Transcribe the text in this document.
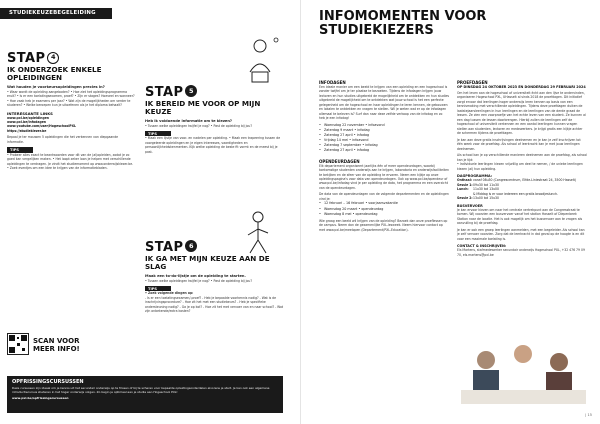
STUDIEKEUZEBEGELEIDING
STAP 4
IK ONDERZOEK ENKELE OPLEIDINGEN
Wat houden je voorkeursopleidingen precies in?
• Waar wordt de opleiding aangeboden? • Hoe ziet het opleidingsprogramma eruit? • Is er een toelatingsexamen, proef? • Zijn er stages? Hoeveel en wanneer? • Hoe vaak heb je examens per jaar? • Wat zijn de mogelijkheden om verder te studeren? • Welke beroepen kun je uitoefenen als je het diploma behaalt?
INTERESSANTE LINKS
www.pxl.be/opleidingen
www.pxl.be/infodagen
www.youtube.com/user/HogeschoolPXL
https://studiekiezer.be
Bepaal je ter mouwen 5 opleidingen die het verkennen van diepgaande informatie.
TIPS
• Probeer alles exact te beantwoorden voor dit van de (al)opleiden, zodat je zo goed kan vergelijken maken. • Het loopt zeker loon je helpen met verschillende opleidingen te verdragen. Je vindt het studiemoment op www.onderwijskiezer.be. • Zoek eventjes om een idee te krijgen van de informatiebladen.
STAP 5
IK BEREID ME VOOR OP MIJN KEUZE
Heb ik voldoende informatie om te kiezen?
• Tussen welke opleidingen twijfel je nog? • Past de opleiding bij jou?
TIPS
• Maak een lijstje van voor- en nadelen per opleiding. • Maak een trapeering tussen de voorgeleerde opleidingen en je eigen interesses, vaardigheden en persoonlijkheidskenmerken. Kijk welke opleiding de beste fit vormt en de meest bij je past.
STAP 6
IK GA MET MIJN KEUZE AAN DE SLAG
Maak een to-do-lijstje om de opleiding te starten.
• Tussen welke opleidingen twijfel je nog? • Past de opleiding bij jou?
TIPS
• Zoek volgende dingen op:
- Is er een toelatingsexamen/-proef? - Heb je bepaalde voorkennis nodig? - Wat is de inschrijvingsprocedure? - Hoe zit het met een studiebeurs? - Heb je specifieke ondersteuning nodig? - Ga je op kot? - Hoe zit het met vervoer van en naar school? - Wat zijn onbekende/extra kosten?
SCAN VOOR MEER INFO!
OPFRISSINGSCURSUSSEN
Deze cursussen zijn ideaal om je kennis uit het secundair onderwijs op te frissen of bij te scheren voor bepaalde opleidingsonderdelen alvorens je start. Je kan ook een algemene introductiecursus studeren in het hoger onderwijs volgen. Zo begin je optimaal aan je studie aan Hogeschool PXL!
www.pxl.be/opfrissingscursussen
INFOMOMENTEN VOOR STUDIEKIEZERS
INFODAGEN
Een ideale manier om een beeld te krijgen van een opleiding en een hogeschool is zonder twijfel om je ter plaatse te bezoeken. Tijdens de infodagen krijgen jouw lectoren en hun studies uitgebreid de mogelijkheid om te ontdekken en hun studies uitgebreid de mogelijkheid om te ontdekken wat jouw school is het een perfecte gelegenheid om de hogeschool en haar opleidingen te leren kennen, de gebouwen en lokalen te ontdekken en vragen te stellen. Wil je weten wat er op de infodagen allemaal te beleven is? Surf dan naar deze zelfde verkoop van de infodag en zo heb je een infodag!
• Woensdag 22 november • infoavond
• Zaterdag 9 maart • infodag
• Zaterdag 27 april • infodag
• Vrijdag 14 mei • infoavond
• Zaterdag 7 september • infodag
• Zaterdag 27 april • infodag
OPENDEURDAGEN
Elk departement organiseert jaarlijks één of meer opendeurdagen, waarbij toekomstige studenten onderwijs aan te krijgen, laboratoria en onderwijsfaciliteiten te bekijken en de sfeer van de opleiding te ervaren. Neem een kijkje op onze opleidingspagina's voor data van opendeurdagen. Ook op www.pxl.be/opendeur of www.pxl.be/infodag vind je per opleiding de data, het programma en een overzicht van de opendeurdagen.
De data van de opendeurdagen van de volgende departementen en de opleidingen vind je:
• 12 februari – 16 februari • voorjaarsvakantie
• Woensdag 20 maart • opendeurdag
• Woensdag 8 mei • opendeurdag
Wie graag een beeld wil krijgen van de opleiding? Bezoek dan onze proeflessen op de campus. Neem dan de gezamenlijke PXL-lesweek. Neem hiervoor contact op met www.pxl.be/meelopen (Departement/PXL-Education).
PROEFDAGEN
OP DINSDAG 24 OKTOBER 2023 EN DONDERDAG 29 FEBRUARI 2024
Om het leven aan de hogeschool of universiteit écht aan den lijve te ondervinden, organiseren Hogeschool PXL, UHasselt al sinds 2018 de proefdagen. Dit initiatief zorgt ervoor dat leerlingen hoger onderwijs leren kennen op basis van een kennismaking met verschillende opleidingen. Tijdens deze proefdagen duiken de laatstejaarsleerlingen in hun leerlingen en de leerlingen van de derde graad de lessen. Ze zien een voorproefje van het echte leven van een student. Ze kunnen al een dag tussen de lessen doorbrengen. Hierbij zullen de leerlingen zelf de hogeschool of universiteit verkennen en een aantal leerlingen kunnen vragen stellen aan studenten, lectoren en medewerkers. Je krijgt gratis een kijkje achter de schermen tijdens de proefdagen.
Je kan aan deze gratis inschrijvingen deelnemen en je kan je zelf inschrijven tot één week voor de proefdag. Als school of leerkracht kan je met jouw leerlingen deelnemen.
Als school kan je op verschillende manieren deelnemen aan de proefdag, als school kan je tijd:
• Individuele leerlingen kiezen vrijwillig om deel te nemen, / de unieke leerlingen kiezen (al) hun opleiding.
DAGPROGRAMMA:
Onthaal: vanaf 08u30 (Congrescentrum, Elfde-Liniestraat 24, 3500 Hasselt)
Sessie 1: 09u30 tot 11u30
Lunch:	11u30 tot 13u00
& Middag is er voor iedereen een gratis broodjeslunch.
Sessie 2: 13u00 tot 15u30
BUSVERVOER
Je kan ervoor kiezen om naar het centrale vertrekpunt aan de Congresstraat te komen. Wij voorzien een busvervoer vanaf het station Hasselt of Diepenbeek Station naar de locatie. Het is ook mogelijk om het busvervoer aan te vragen als aanvulling bij de proefdag.
Je kan er ook een groep leerlingen aanmelden, met een begeleider. Als school kan je zelf vervoer voorzien. Zorg dat de leerkracht in dat geval op de hoogte is en dit voor een maximale toelating is.
CONTACT & INSCHRIJVEN:
Els Martens, stafmedewerker secundair onderwijs Hogeschool PXL, +32 476 79 09 70, els.martens@pxl.be
| 15
